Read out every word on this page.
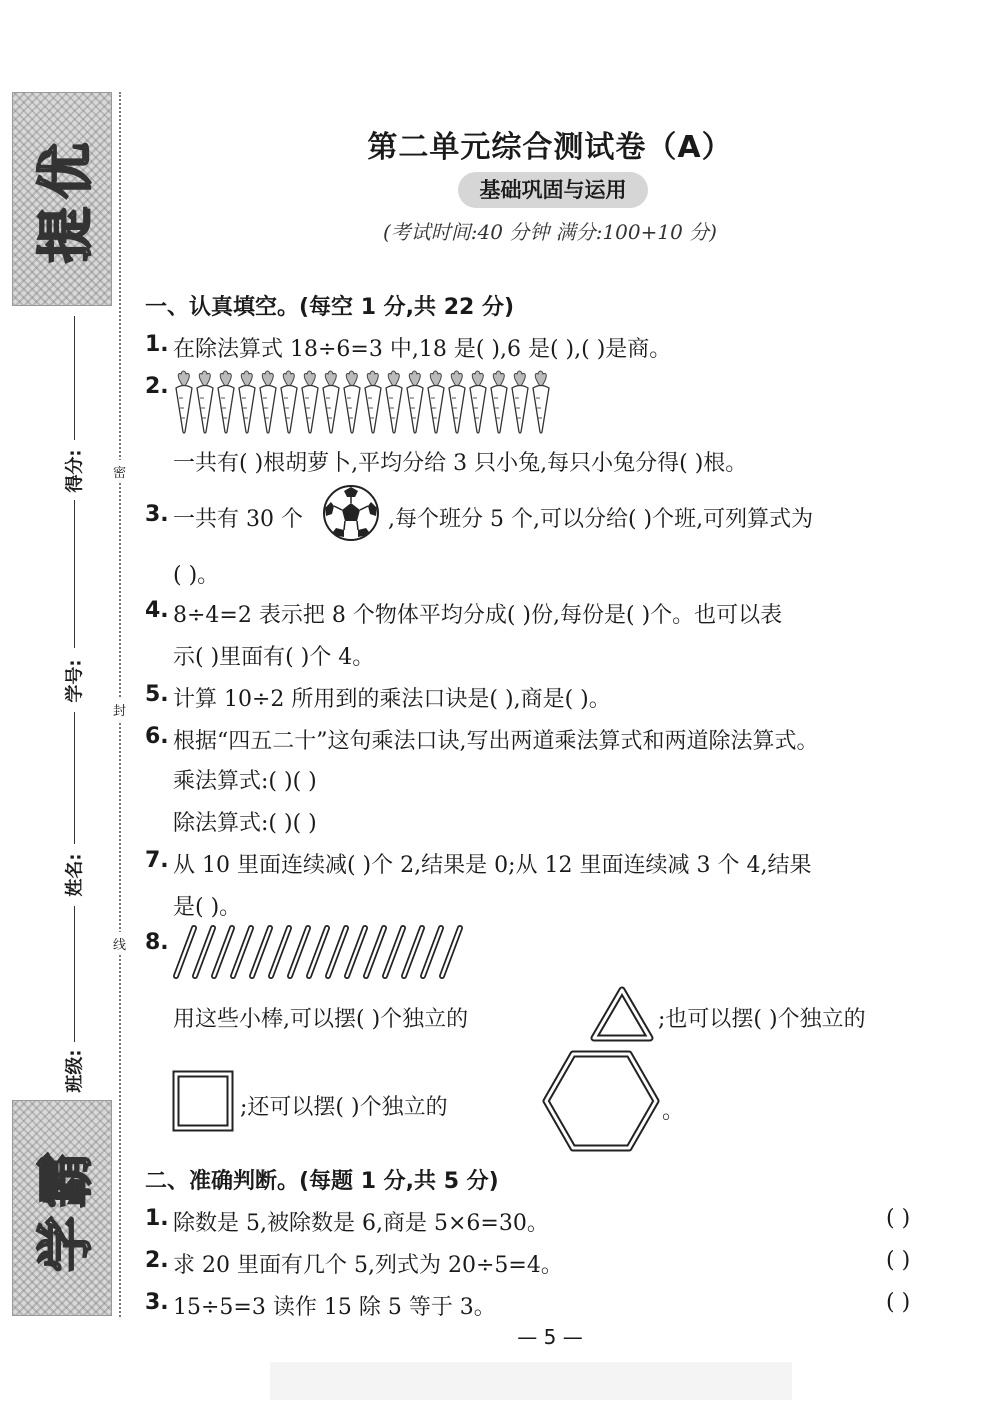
提优
学霸
得分:
学号:
姓名:
班级:
密
封
线
第二单元综合测试卷（A）
基础巩固与运用
(考试时间:40 分钟 满分:100+10 分)
一、认真填空。(每空 1 分,共 22 分)
1. 在除法算式 18÷6=3 中,18 是( ),6 是( ),( )是商。
2.
一共有( )根胡萝卜,平均分给 3 只小兔,每只小兔分得( )根。
3. 一共有 30 个	,每个班分 5 个,可以分给( )个班,可列算式为
( )。
4. 8÷4=2 表示把 8 个物体平均分成( )份,每份是( )个。也可以表
示( )里面有( )个 4。
5. 计算 10÷2 所用到的乘法口诀是( ),商是( )。
6. 根据“四五二十”这句乘法口诀,写出两道乘法算式和两道除法算式。
乘法算式:( )( )
除法算式:( )( )
7. 从 10 里面连续减( )个 2,结果是 0;从 12 里面连续减 3 个 4,结果
是( )。
8.
用这些小棒,可以摆( )个独立的	;也可以摆( )个独立的
;还可以摆( )个独立的	。
二、准确判断。(每题 1 分,共 5 分)
1. 除数是 5,被除数是 6,商是 5×6=30。	( )
2. 求 20 里面有几个 5,列式为 20÷5=4。	( )
3. 15÷5=3 读作 15 除 5 等于 3。	( )
— 5 —
